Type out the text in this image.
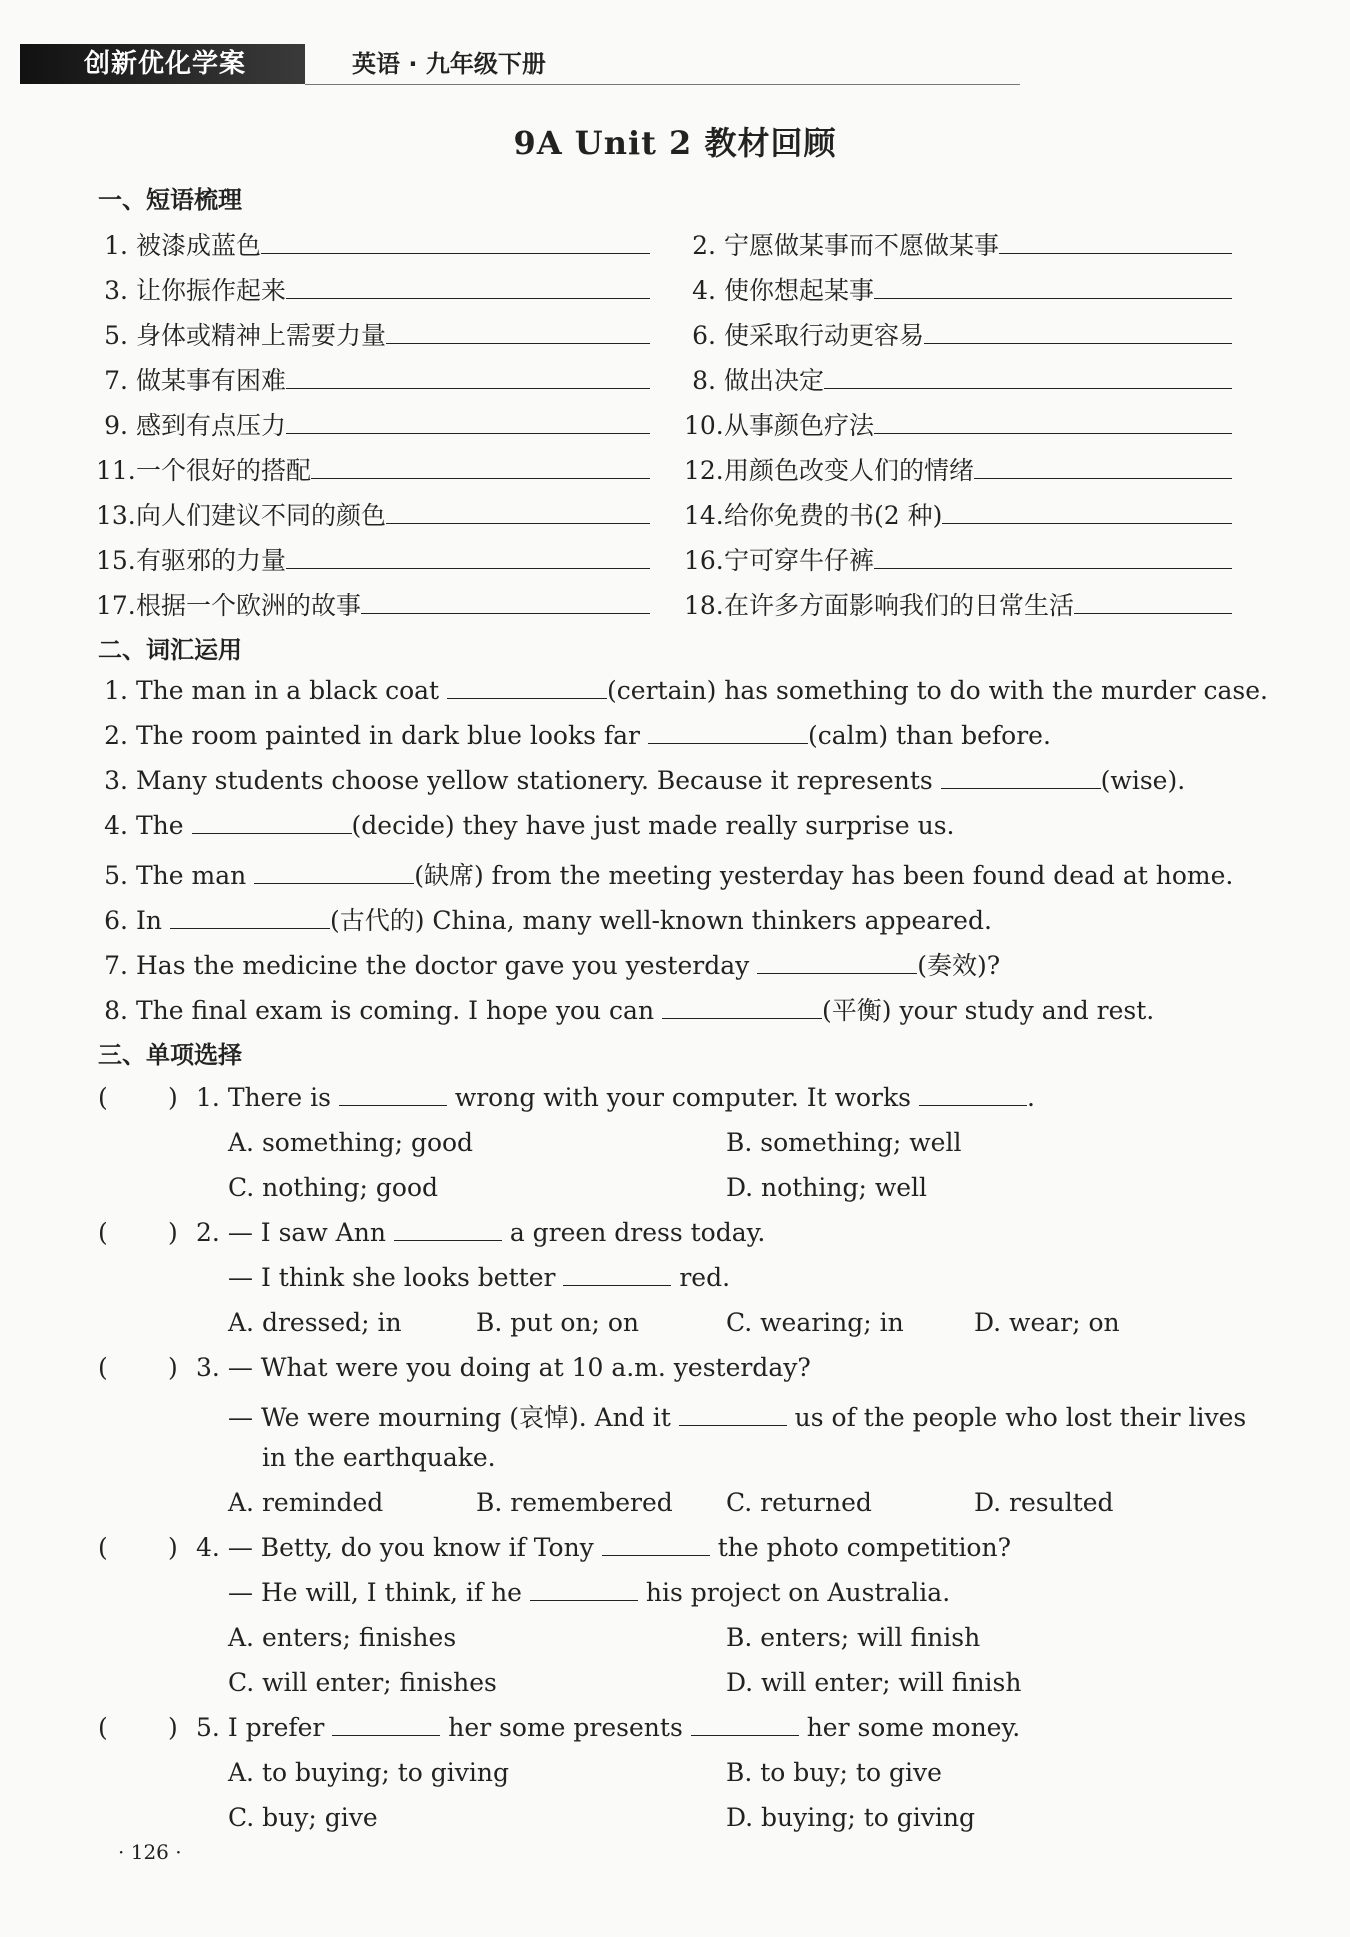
创新优化学案	英语 · 九年级下册
9A Unit 2 教材回顾
一、短语梳理
1. 被漆成蓝色	2. 宁愿做某事而不愿做某事
3. 让你振作起来	4. 使你想起某事
5. 身体或精神上需要力量	6. 使采取行动更容易
7. 做某事有困难	8. 做出决定
9. 感到有点压力	10.从事颜色疗法
11.一个很好的搭配	12.用颜色改变人们的情绪
13.向人们建议不同的颜色	14.给你免费的书(2 种)
15.有驱邪的力量	16.宁可穿牛仔裤
17.根据一个欧洲的故事	18.在许多方面影响我们的日常生活
二、词汇运用
1. The man in a black coat	(certain) has something to do with the murder case.
2. The room painted in dark blue looks far	(calm) than before.
3. Many students choose yellow stationery. Because it represents	(wise).
4. The	(decide) they have just made really surprise us.
5. The man	(缺席) from the meeting yesterday has been found dead at home.
6. In	(古代的) China, many well-known thinkers appeared.
7. Has the medicine the doctor gave you yesterday	(奏效)?
8. The final exam is coming. I hope you can	(平衡) your study and rest.
三、单项选择
( ) 1. There is	wrong with your computer. It works	.
A. something; good	B. something; well
C. nothing; good	D. nothing; well
( ) 2. — I saw Ann	a green dress today.
— I think she looks better	red.
A. dressed; in	B. put on; on	C. wearing; in	D. wear; on
( ) 3. — What were you doing at 10 a.m. yesterday?
— We were mourning (哀悼). And it	us of the people who lost their lives
in the earthquake.
A. reminded	B. remembered C. returned	D. resulted
( ) 4. — Betty, do you know if Tony	the photo competition?
— He will, I think, if he	his project on Australia.
A. enters; finishes	B. enters; will finish
C. will enter; finishes	D. will enter; will finish
( ) 5. I prefer	her some presents	her some money.
A. to buying; to giving	B. to buy; to give
C. buy; give	D. buying; to giving
· 126 ·
